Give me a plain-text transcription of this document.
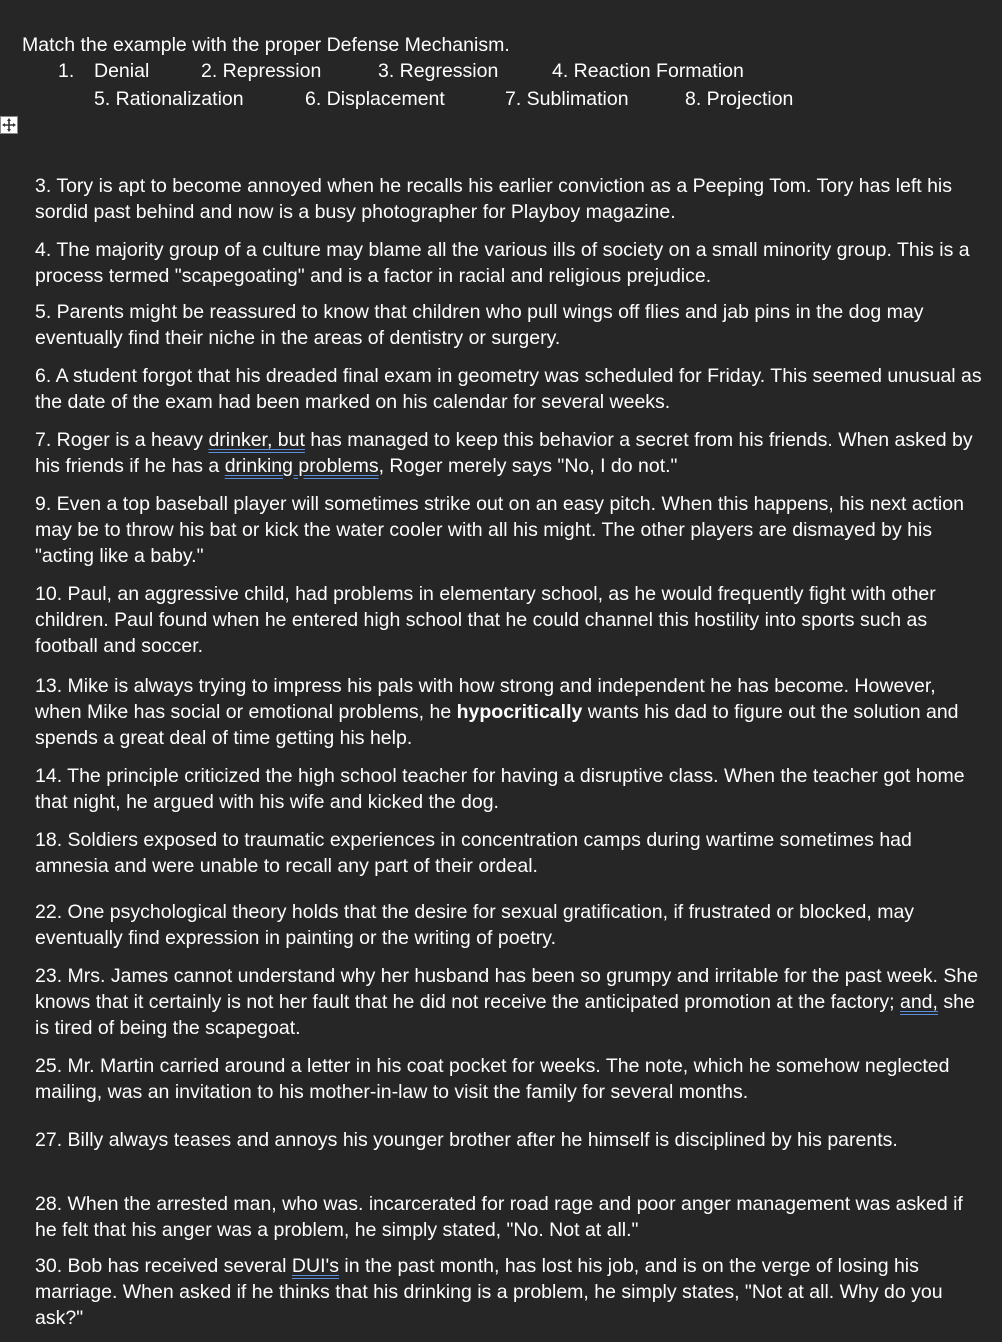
Match the example with the proper Defense Mechanism.
1. Denial	2. Repression	3. Regression	4. Reaction Formation
5. Rationalization	6. Displacement	7. Sublimation	8. Projection
3. Tory is apt to become annoyed when he recalls his earlier conviction as a Peeping Tom. Tory has left his sordid past behind and now is a busy photographer for Playboy magazine.
4. The majority group of a culture may blame all the various ills of society on a small minority group. This is a process termed "scapegoating" and is a factor in racial and religious prejudice.
5. Parents might be reassured to know that children who pull wings off flies and jab pins in the dog may eventually find their niche in the areas of dentistry or surgery.
6. A student forgot that his dreaded final exam in geometry was scheduled for Friday. This seemed unusual as the date of the exam had been marked on his calendar for several weeks.
7. Roger is a heavy drinker, but has managed to keep this behavior a secret from his friends. When asked by his friends if he has a drinking problems, Roger merely says "No, I do not."
9. Even a top baseball player will sometimes strike out on an easy pitch. When this happens, his next action may be to throw his bat or kick the water cooler with all his might. The other players are dismayed by his "acting like a baby."
10. Paul, an aggressive child, had problems in elementary school, as he would frequently fight with other children. Paul found when he entered high school that he could channel this hostility into sports such as football and soccer.
13. Mike is always trying to impress his pals with how strong and independent he has become. However, when Mike has social or emotional problems, he hypocritically wants his dad to figure out the solution and spends a great deal of time getting his help.
14. The principle criticized the high school teacher for having a disruptive class. When the teacher got home that night, he argued with his wife and kicked the dog.
18. Soldiers exposed to traumatic experiences in concentration camps during wartime sometimes had amnesia and were unable to recall any part of their ordeal.
22. One psychological theory holds that the desire for sexual gratification, if frustrated or blocked, may eventually find expression in painting or the writing of poetry.
23. Mrs. James cannot understand why her husband has been so grumpy and irritable for the past week. She knows that it certainly is not her fault that he did not receive the anticipated promotion at the factory; and, she is tired of being the scapegoat.
25. Mr. Martin carried around a letter in his coat pocket for weeks. The note, which he somehow neglected mailing, was an invitation to his mother-in-law to visit the family for several months.
27. Billy always teases and annoys his younger brother after he himself is disciplined by his parents.
28. When the arrested man, who was. incarcerated for road rage and poor anger management was asked if he felt that his anger was a problem, he simply stated, "No. Not at all."
30. Bob has received several DUI's in the past month, has lost his job, and is on the verge of losing his marriage. When asked if he thinks that his drinking is a problem, he simply states, "Not at all. Why do you ask?"
